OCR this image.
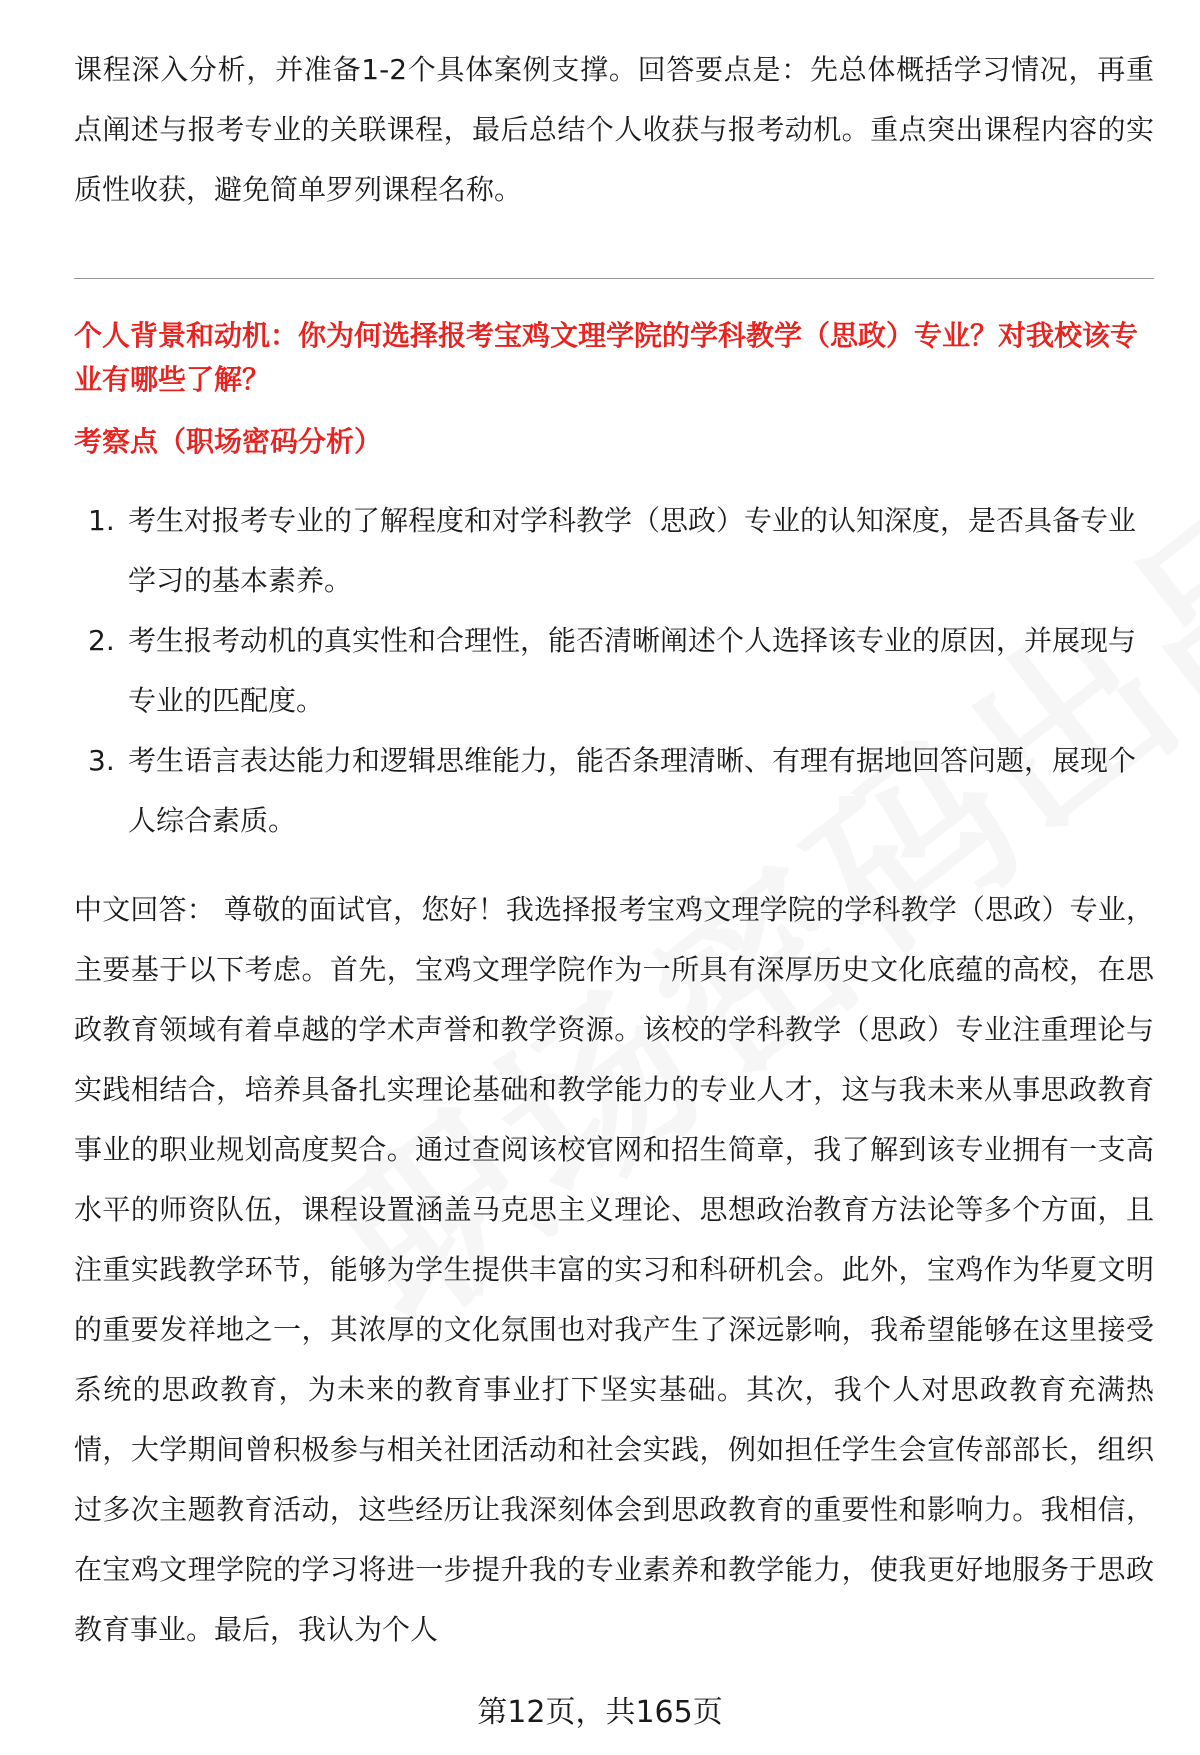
课程深入分析，并准备1-2个具体案例支撑。回答要点是：先总体概括学习情况，再重点阐述与报考专业的关联课程，最后总结个人收获与报考动机。重点突出课程内容的实质性收获，避免简单罗列课程名称。

个人背景和动机：你为何选择报考宝鸡文理学院的学科教学（思政）专业？对我校该专业有哪些了解？

考察点（职场密码分析）

1. 考生对报考专业的了解程度和对学科教学（思政）专业的认知深度，是否具备专业学习的基本素养。
2. 考生报考动机的真实性和合理性，能否清晰阐述个人选择该专业的原因，并展现与专业的匹配度。
3. 考生语言表达能力和逻辑思维能力，能否条理清晰、有理有据地回答问题，展现个人综合素质。

中文回答： 尊敬的面试官，您好！我选择报考宝鸡文理学院的学科教学（思政）专业，主要基于以下考虑。首先，宝鸡文理学院作为一所具有深厚历史文化底蕴的高校，在思政教育领域有着卓越的学术声誉和教学资源。该校的学科教学（思政）专业注重理论与实践相结合，培养具备扎实理论基础和教学能力的专业人才，这与我未来从事思政教育事业的职业规划高度契合。通过查阅该校官网和招生简章，我了解到该专业拥有一支高水平的师资队伍，课程设置涵盖马克思主义理论、思想政治教育方法论等多个方面，且注重实践教学环节，能够为学生提供丰富的实习和科研机会。此外，宝鸡作为华夏文明的重要发祥地之一，其浓厚的文化氛围也对我产生了深远影响，我希望能够在这里接受系统的思政教育，为未来的教育事业打下坚实基础。其次，我个人对思政教育充满热情，大学期间曾积极参与相关社团活动和社会实践，例如担任学生会宣传部部长，组织过多次主题教育活动，这些经历让我深刻体会到思政教育的重要性和影响力。我相信，在宝鸡文理学院的学习将进一步提升我的专业素养和教学能力，使我更好地服务于思政教育事业。最后，我认为个人

第12页，共165页
